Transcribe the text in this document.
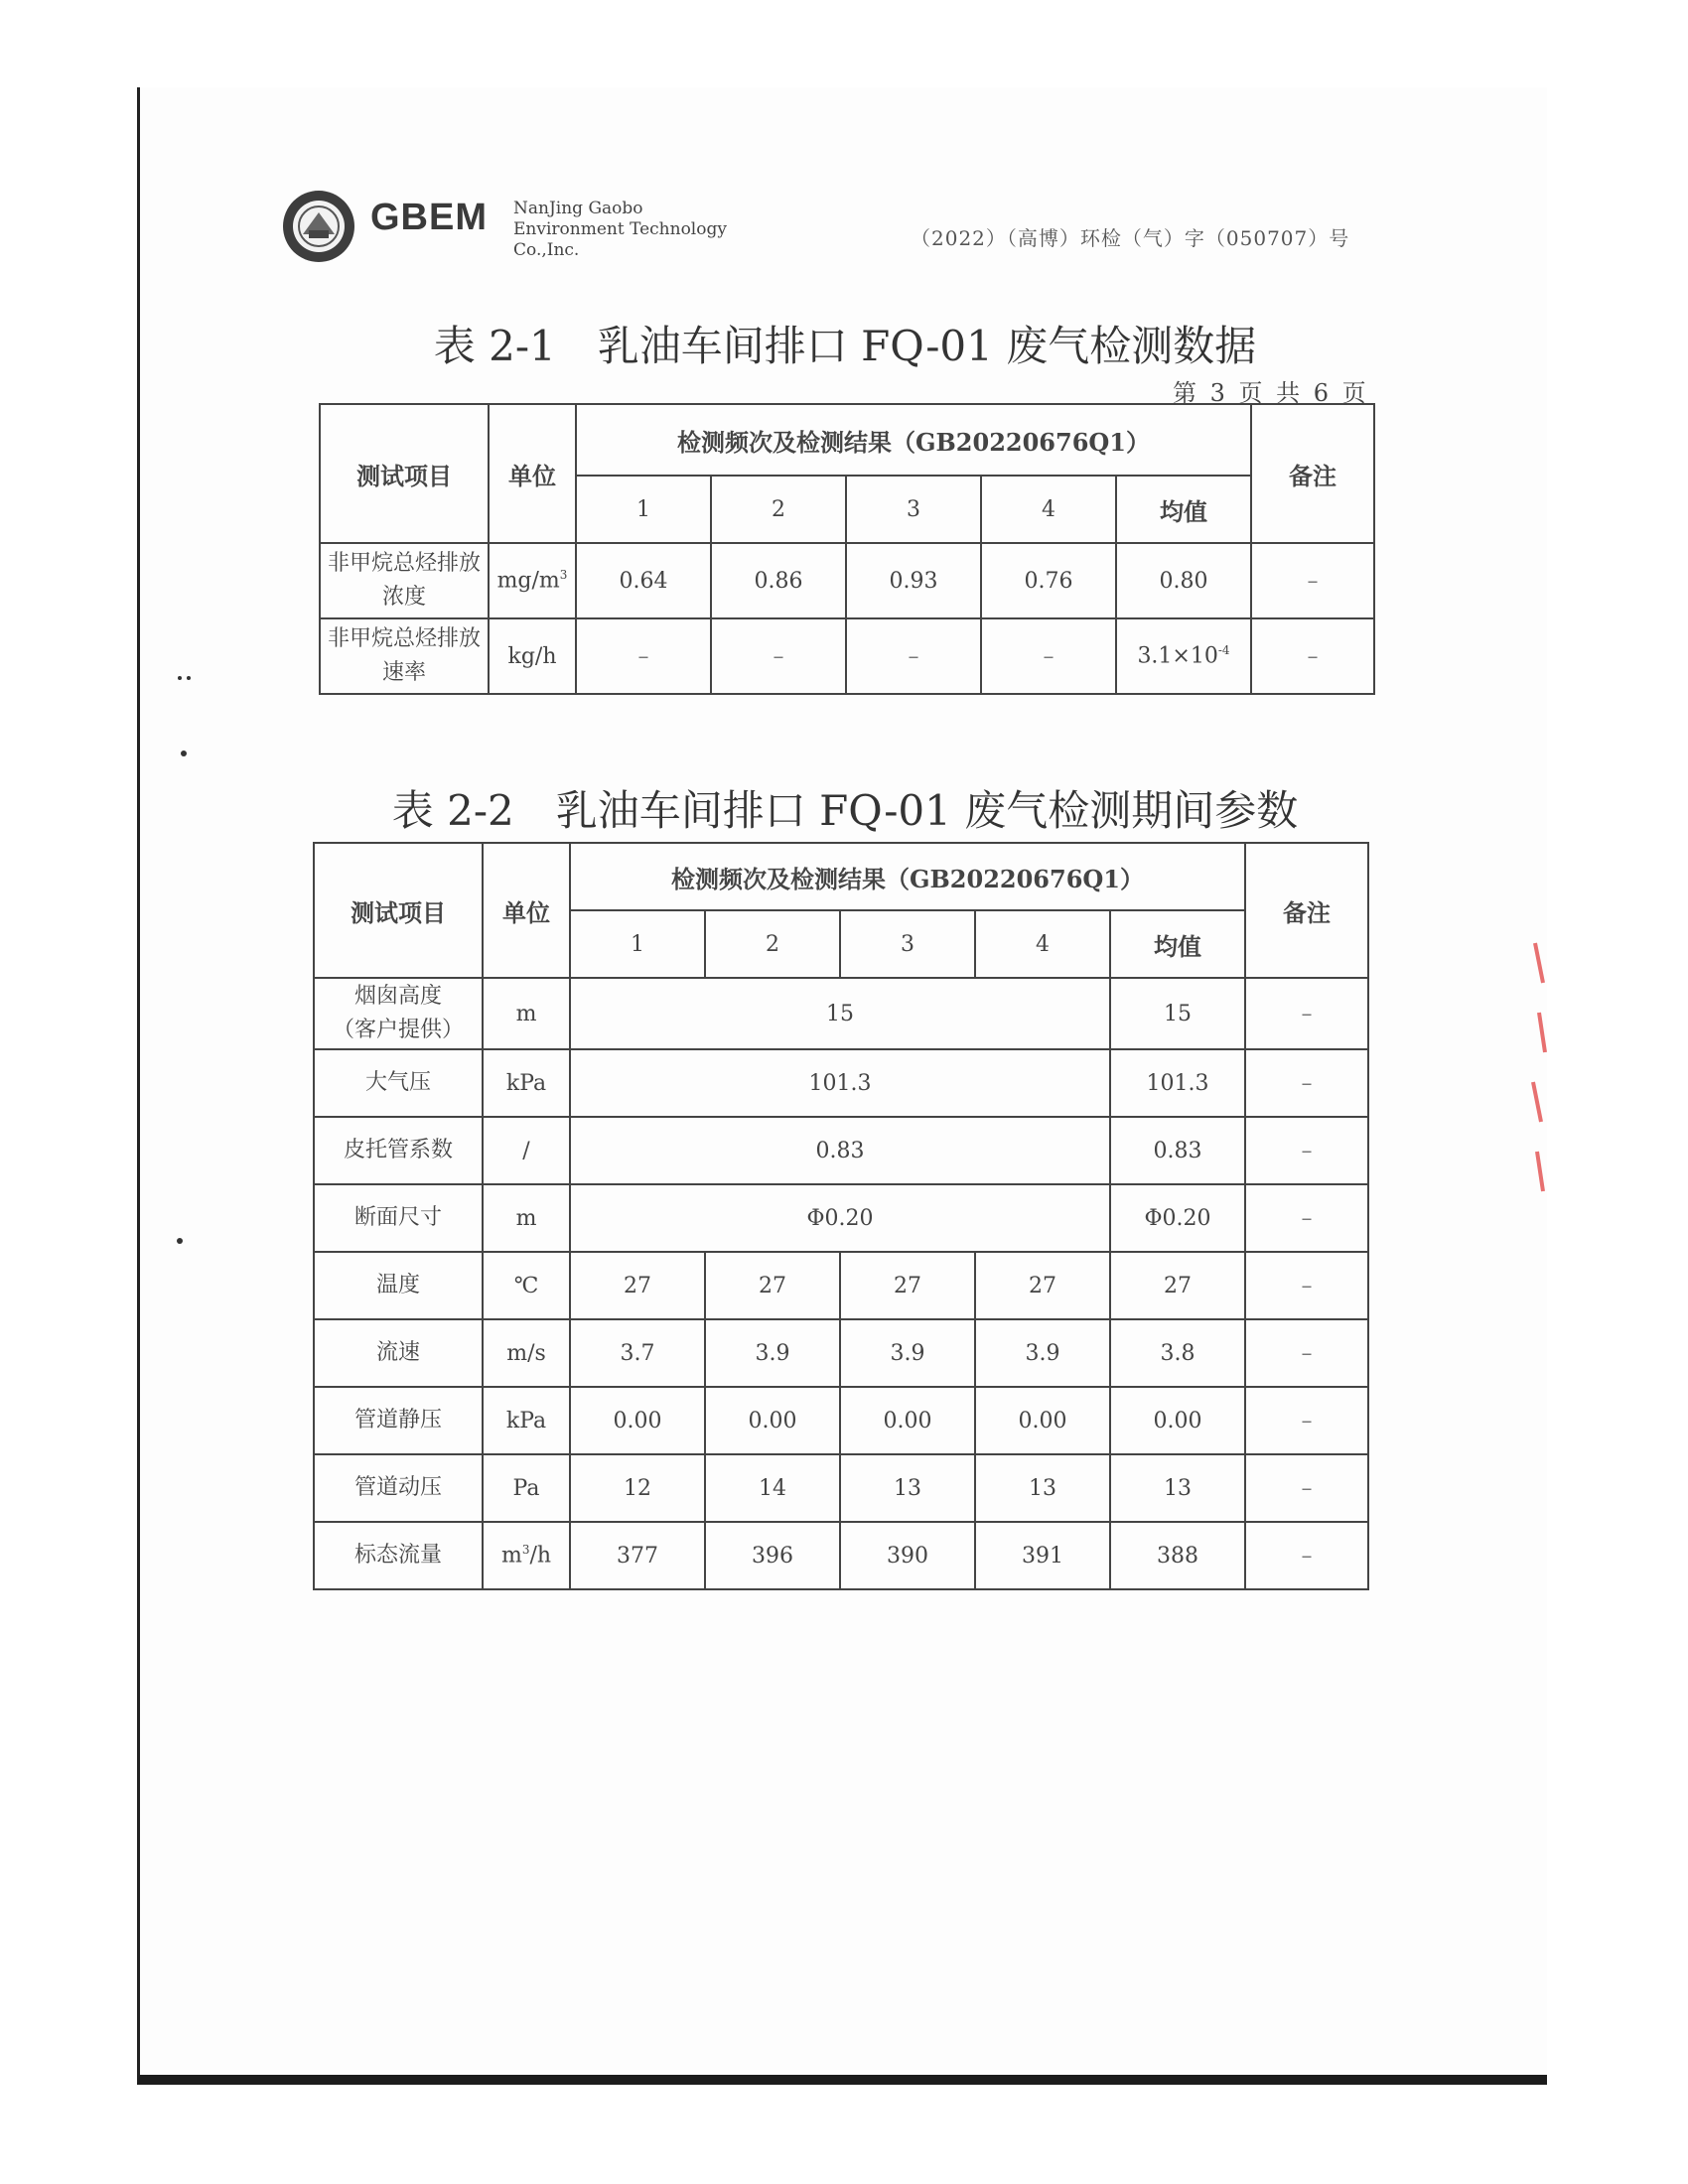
GBEM NanJing Gaobo
Environment Technology
Co.,Inc.	（2022）（高博）环检（气）字（050707）号
表 2-1　乳油车间排口 FQ-01 废气检测数据
第 3 页 共 6 页
测试项目	单位	检测频次及检测结果（GB20220676Q1）					备注
		1	2	3	4	均值	
非甲烷总烃排放浓度	$mg/m^3$	0.64	0.86	0.93	0.76	0.80	–
非甲烷总烃排放速率	kg/h	–	–	–	–	$3.1\times 10^{-4}$	–
表 2-2　乳油车间排口 FQ-01 废气检测期间参数
测试项目	单位	检测频次及检测结果（GB20220676Q1）					备注
		1	2	3	4	均值	
烟囱高度
（客户提供）	m	15				15	–
大气压	kPa	101.3				101.3	–
皮托管系数	/	0.83				0.83	–
断面尺寸	m	Φ0.20				Φ0.20	–
温度	℃	27	27	27	27	27	–
流速	m/s	3.7	3.9	3.9	3.9	3.8	–
管道静压	kPa	0.00	0.00	0.00	0.00	0.00	–
管道动压	Pa	12	14	13	13	13	–
标态流量	$m^3/h$	377	396	390	391	388	–
